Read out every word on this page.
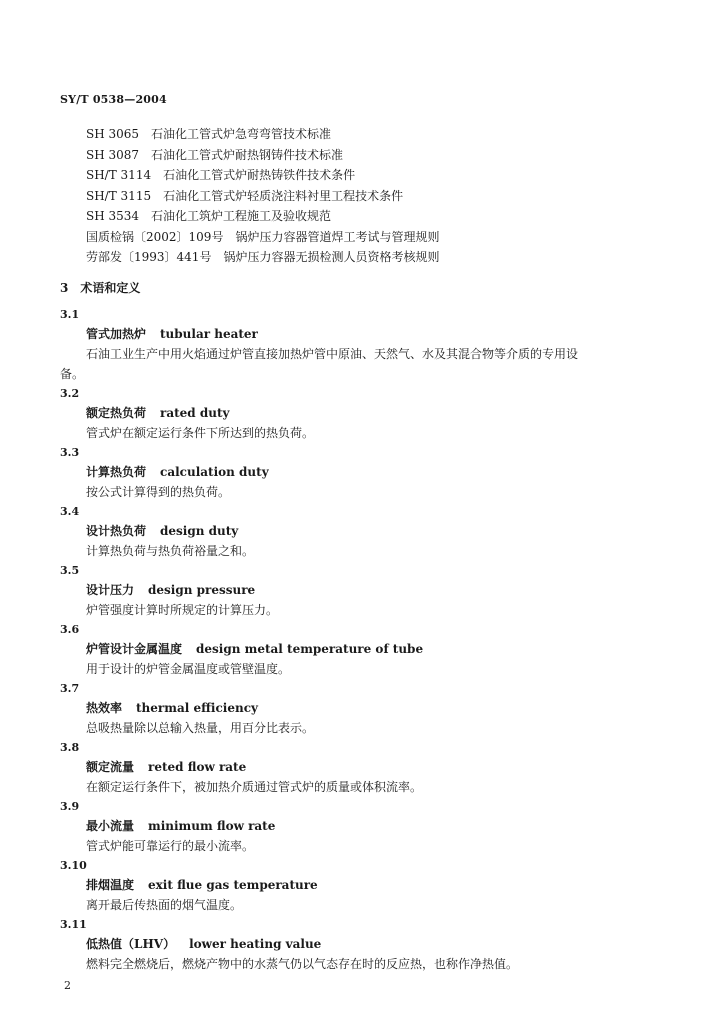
SY/T 0538—2004
SH 3065　石油化工管式炉急弯弯管技术标准
SH 3087　石油化工管式炉耐热钢铸件技术标准
SH/T 3114　石油化工管式炉耐热铸铁件技术条件
SH/T 3115　石油化工管式炉轻质浇注料衬里工程技术条件
SH 3534　石油化工筑炉工程施工及验收规范
国质检锅〔2002〕109号　锅炉压力容器管道焊工考试与管理规则
劳部发〔1993〕441号　锅炉压力容器无损检测人员资格考核规则
3　术语和定义
3.1
管式加热炉 tubular heater
石油工业生产中用火焰通过炉管直接加热炉管中原油、天然气、水及其混合物等介质的专用设
备。
3.2
额定热负荷 rated duty
管式炉在额定运行条件下所达到的热负荷。
3.3
计算热负荷 calculation duty
按公式计算得到的热负荷。
3.4
设计热负荷 design duty
计算热负荷与热负荷裕量之和。
3.5
设计压力 design pressure
炉管强度计算时所规定的计算压力。
3.6
炉管设计金属温度 design metal temperature of tube
用于设计的炉管金属温度或管壁温度。
3.7
热效率 thermal efficiency
总吸热量除以总输入热量，用百分比表示。
3.8
额定流量 reted flow rate
在额定运行条件下，被加热介质通过管式炉的质量或体积流率。
3.9
最小流量 minimum flow rate
管式炉能可靠运行的最小流率。
3.10
排烟温度 exit flue gas temperature
离开最后传热面的烟气温度。
3.11
低热值（LHV） lower heating value
燃料完全燃烧后，燃烧产物中的水蒸气仍以气态存在时的反应热，也称作净热值。
2
